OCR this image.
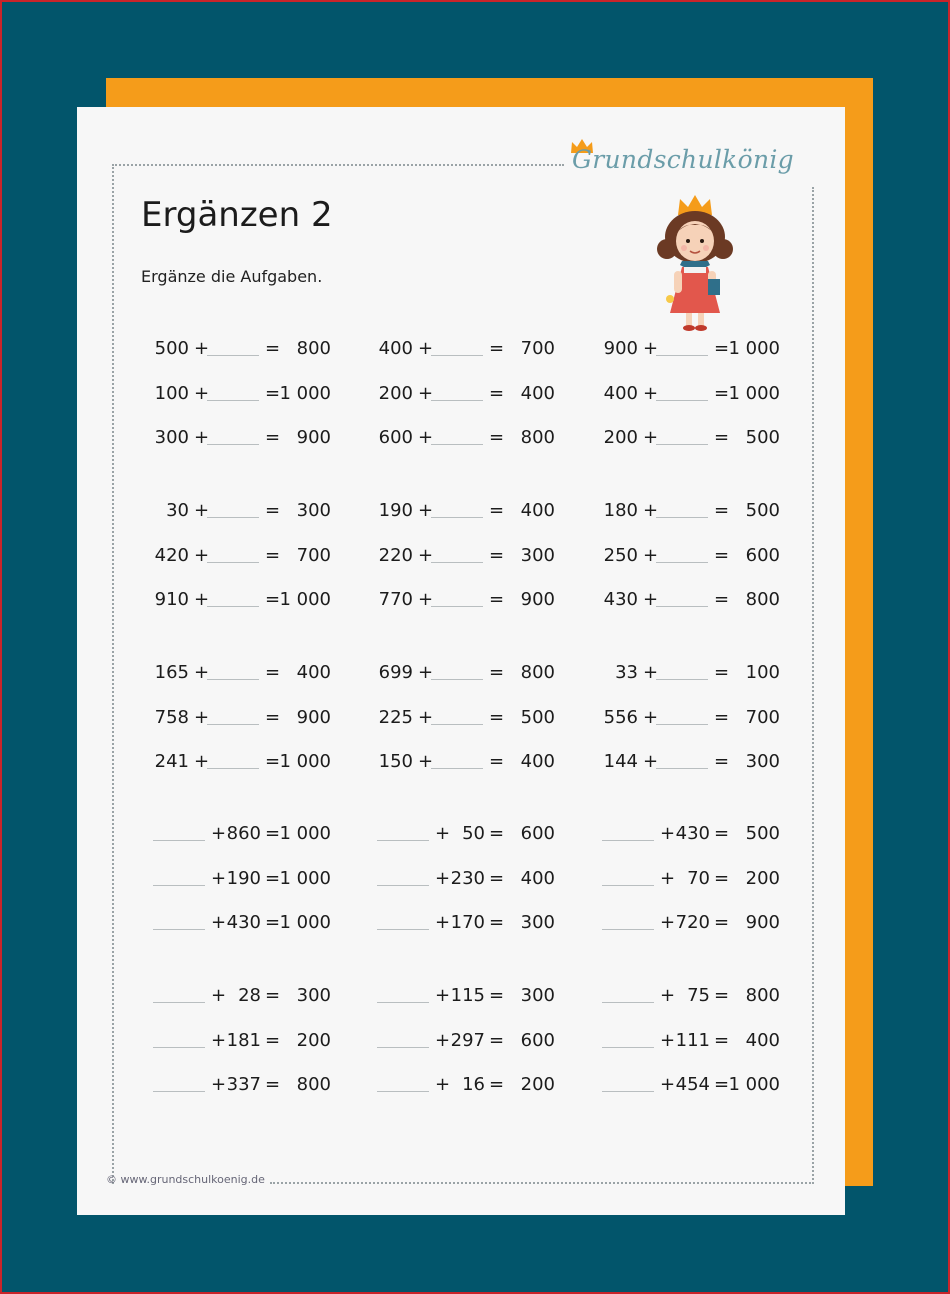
Grundschulkönig
Ergänzen 2
Ergänze die Aufgaben.
500 +	= 800	400 +	= 700	900 +	= 1 000
100 +	= 1 000	200 +	= 400	400 +	= 1 000
300 +	= 900	600 +	= 800	200 +	= 500
30 +	= 300	190 +	= 400	180 +	= 500
420 +	= 700	220 +	= 300	250 +	= 600
910 +	= 1 000	770 +	= 900	430 +	= 800
165 +	= 400	699 +	= 800	33 +	= 100
758 +	= 900	225 +	= 500	556 +	= 700
241 +	= 1 000	150 +	= 400	144 +	= 300
+ 860 = 1 000	+ 50 = 600	+ 430 = 500
+ 190 = 1 000	+ 230 = 400	+ 70 = 200
+ 430 = 1 000	+ 170 = 300	+ 720 = 900
+ 28 = 300	+ 115 = 300	+ 75 = 800
+ 181 = 200	+ 297 = 600	+ 111 = 400
+ 337 = 800	+ 16 = 200	+ 454 = 1 000
© www.grundschulkoenig.de
